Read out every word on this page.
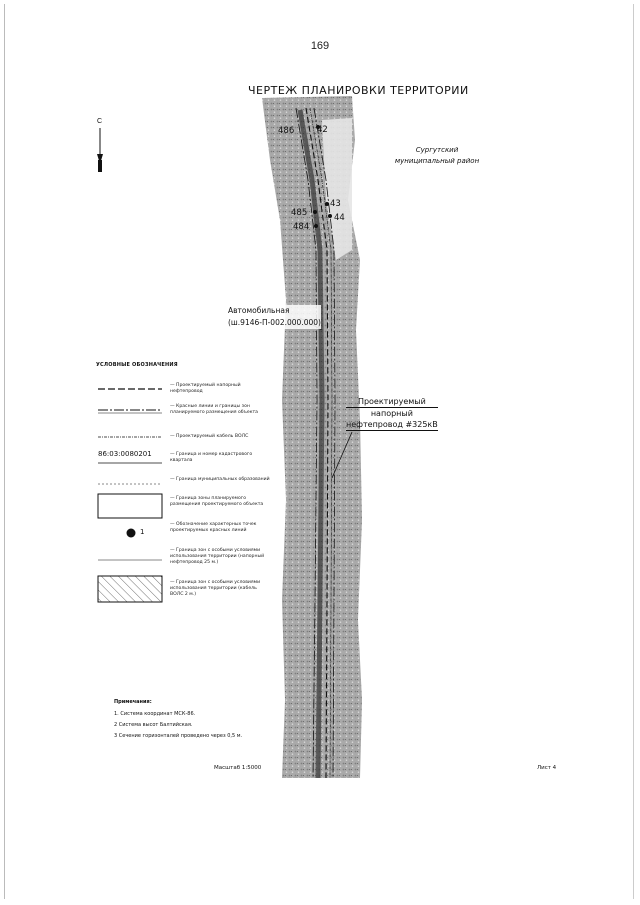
169
ЧЕРТЕЖ ПЛАНИРОВКИ ТЕРРИТОРИИ
486	42
43
485	44
484
С
Сургутский
муниципальный район
Автомобильная
(ш.9146-П-002.000.000)
Проектируемый
напорный
нефтепровод #325кВ
УСЛОВНЫЕ ОБОЗНАЧЕНИЯ
— Проектируемый напорный нефтепровод
— Красные линии и границы зон планируемого размещения объекта
— Проектируемый кабель ВОЛС
86:03:0080201	— Граница и номер кадастрового квартала
— Граница муниципальных образований
— Граница зоны планируемого размещения проектируемого объекта
1
— Обозначение характерных точек проектируемых красных линий
— Граница зон с особыми условиями использования территории (напорный нефтепровод 25 м.)
— Граница зон с особыми условиями использования территории (кабель ВОЛС 2 м.)
Примечания:
1. Система координат МСК-86.
2 Система высот Балтийская.
3 Сечение горизонталей проведено через 0,5 м.
Масштаб 1:5000	Лист 4
